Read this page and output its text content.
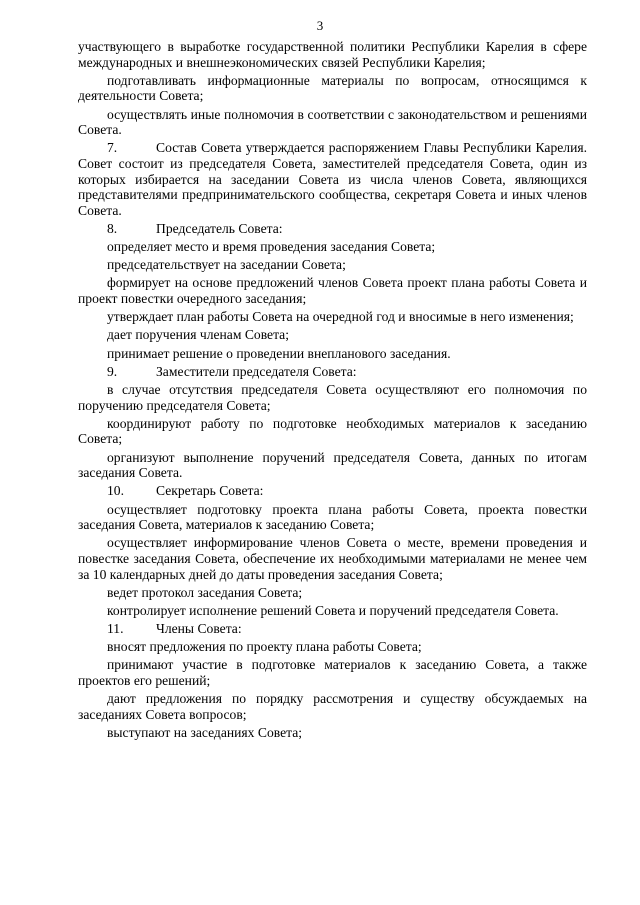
3

участвующего в выработке государственной политики Республики Карелия в сфере международных и внешнеэкономических связей Республики Карелия;

подготавливать информационные материалы по вопросам, относящимся к деятельности Совета;

осуществлять иные полномочия в соответствии с законодательством и решениями Совета.

7.	Состав Совета утверждается распоряжением Главы Республики Карелия. Совет состоит из председателя Совета, заместителей председателя Совета, один из которых избирается на заседании Совета из числа членов Совета, являющихся представителями предпринимательского сообщества, секретаря Совета и иных членов Совета.

8.	Председатель Совета:

определяет место и время проведения заседания Совета;

председательствует на заседании Совета;

формирует на основе предложений членов Совета проект плана работы Совета и проект повестки очередного заседания;

утверждает план работы Совета на очередной год и вносимые в него изменения;

дает поручения членам Совета;

принимает решение о проведении внепланового заседания.

9.	Заместители председателя Совета:

в случае отсутствия председателя Совета осуществляют его полномочия по поручению председателя Совета;

координируют работу по подготовке необходимых материалов к заседанию Совета;

организуют выполнение поручений председателя Совета, данных по итогам заседания Совета.

10. Секретарь Совета:

осуществляет подготовку проекта плана работы Совета, проекта повестки заседания Совета, материалов к заседанию Совета;

осуществляет информирование членов Совета о месте, времени проведения и повестке заседания Совета, обеспечение их необходимыми материалами не менее чем за 10 календарных дней до даты проведения заседания Совета;

ведет протокол заседания Совета;

контролирует исполнение решений Совета и поручений председателя Совета.

11. Члены Совета:

вносят предложения по проекту плана работы Совета;

принимают участие в подготовке материалов к заседанию Совета, а также проектов его решений;

дают предложения по порядку рассмотрения и существу обсуждаемых на заседаниях Совета вопросов;

выступают на заседаниях Совета;
